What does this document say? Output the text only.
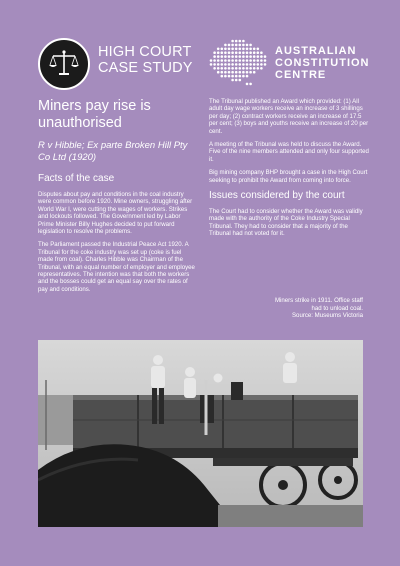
HIGH COURT
CASE STUDY
AUSTRALIAN
CONSTITUTION
CENTRE
Miners pay rise is unauthorised

R v Hibble; Ex parte Broken Hill Pty Co Ltd (1920)

Facts of the case

Disputes about pay and conditions in the coal industry were common before 1920. Mine owners, struggling after World War I, were cutting the wages of workers. Strikes and lockouts followed. The Government led by Labor Prime Minister Billy Hughes decided to put forward legislation to resolve the problems.

The Parliament passed the Industrial Peace Act 1920. A Tribunal for the coke industry was set up (coke is fuel made from coal). Charles Hibble was Chairman of the Tribunal, with an equal number of employer and employee representatives. The intention was that both the workers and the bosses could get an equal say over the rates of pay and conditions.

The Tribunal published an Award which provided: (1) All adult day wage workers receive an increase of 3 shillings per day; (2) contract workers receive an increase of 17.5 per cent; (3) boys and youths receive an increase of 20 per cent.

A meeting of the Tribunal was held to discuss the Award. Five of the nine members attended and only four supported it.

Big mining company BHP brought a case in the High Court seeking to prohibit the Award from coming into force.

Issues considered by the court

The Court had to consider whether the Award was validly made with the authority of the Coke Industry Special Tribunal. They had to consider that a majority of the Tribunal had not voted for it.

Miners strike in 1911. Office staff
had to unload coal.
Source: Museums Victoria
